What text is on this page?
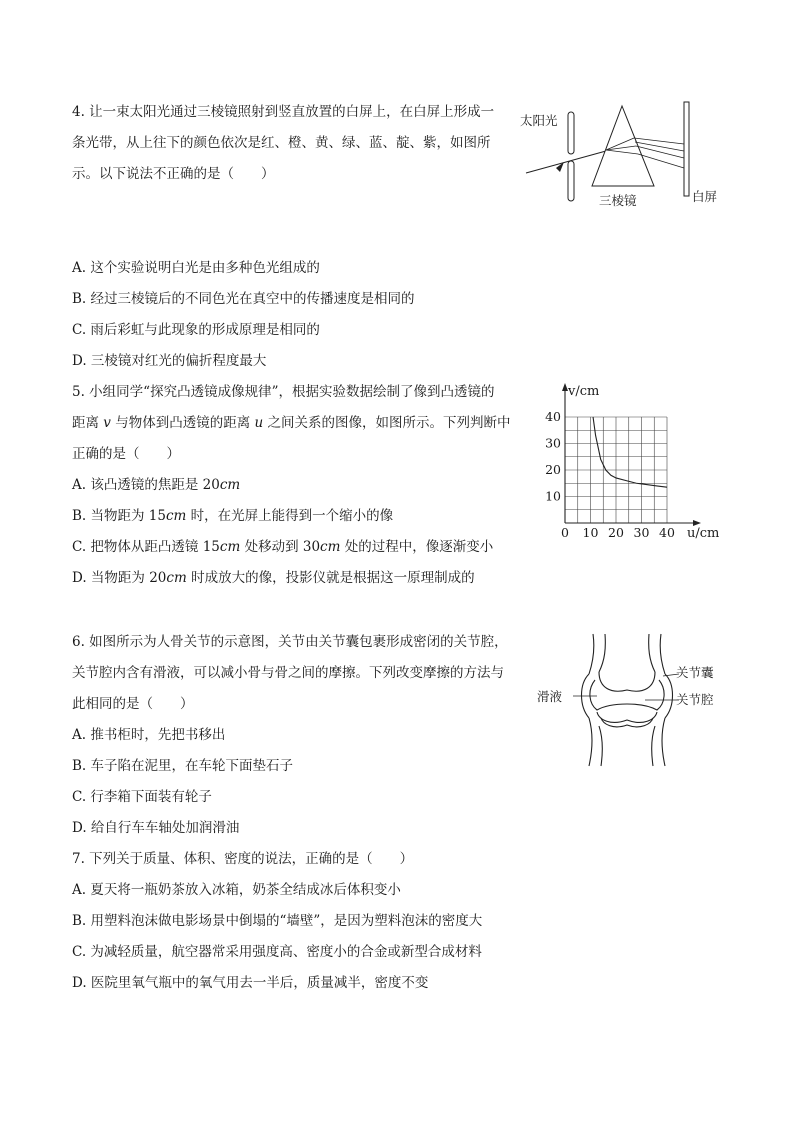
4. 让一束太阳光通过三棱镜照射到竖直放置的白屏上，在白屏上形成一
条光带，从上往下的颜色依次是红、橙、黄、绿、蓝、靛、紫，如图所
示。以下说法不正确的是（　　）
太阳光
白屏
三棱镜
A. 这个实验说明白光是由多种色光组成的
B. 经过三棱镜后的不同色光在真空中的传播速度是相同的
C. 雨后彩虹与此现象的形成原理是相同的
D. 三棱镜对红光的偏折程度最大
5. 小组同学“探究凸透镜成像规律”，根据实验数据绘制了像到凸透镜的
距离 v 与物体到凸透镜的距离 u 之间关系的图像，如图所示。下列判断中
正确的是（　　）
A. 该凸透镜的焦距是 20cm
B. 当物距为 15cm 时，在光屏上能得到一个缩小的像
C. 把物体从距凸透镜 15cm 处移动到 30cm 处的过程中，像逐渐变小
D. 当物距为 20cm 时成放大的像，投影仪就是根据这一原理制成的
u/cm
v/cm
0 10 20 30 40
10
20
30
40
6. 如图所示为人骨关节的示意图，关节由关节囊包裹形成密闭的关节腔，
关节腔内含有滑液，可以减小骨与骨之间的摩擦。下列改变摩擦的方法与
此相同的是（　　）
A. 推书柜时，先把书移出
B. 车子陷在泥里，在车轮下面垫石子
C. 行李箱下面装有轮子
D. 给自行车车轴处加润滑油
关节囊
关节腔
滑液
7. 下列关于质量、体积、密度的说法，正确的是（　　）
A. 夏天将一瓶奶茶放入冰箱，奶茶全结成冰后体积变小
B. 用塑料泡沫做电影场景中倒塌的“墙壁”，是因为塑料泡沫的密度大
C. 为减轻质量，航空器常采用强度高、密度小的合金或新型合成材料
D. 医院里氧气瓶中的氧气用去一半后，质量减半，密度不变
